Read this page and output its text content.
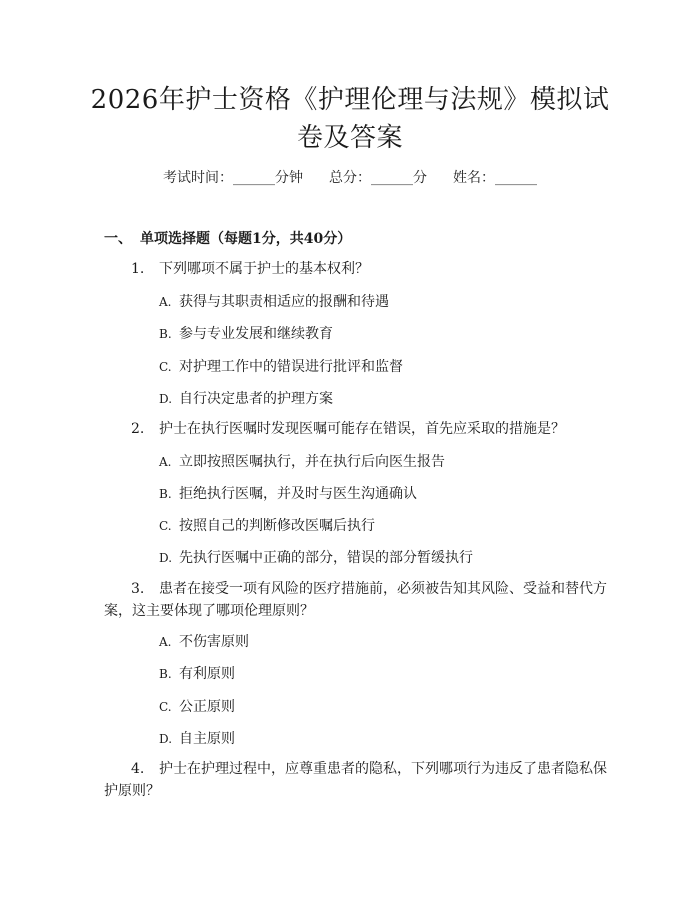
2026年护士资格《护理伦理与法规》模拟试
卷及答案
考试时间：______分钟 总分：______分 姓名：______
一、 单项选择题（每题1分，共40分）
1. 下列哪项不属于护士的基本权利？
A. 获得与其职责相适应的报酬和待遇
B. 参与专业发展和继续教育
C. 对护理工作中的错误进行批评和监督
D. 自行决定患者的护理方案
2. 护士在执行医嘱时发现医嘱可能存在错误，首先应采取的措施是？
A. 立即按照医嘱执行，并在执行后向医生报告
B. 拒绝执行医嘱，并及时与医生沟通确认
C. 按照自己的判断修改医嘱后执行
D. 先执行医嘱中正确的部分，错误的部分暂缓执行
3. 患者在接受一项有风险的医疗措施前，必须被告知其风险、受益和替代方
案，这主要体现了哪项伦理原则？
A. 不伤害原则
B. 有利原则
C. 公正原则
D. 自主原则
4. 护士在护理过程中，应尊重患者的隐私，下列哪项行为违反了患者隐私保
护原则？
